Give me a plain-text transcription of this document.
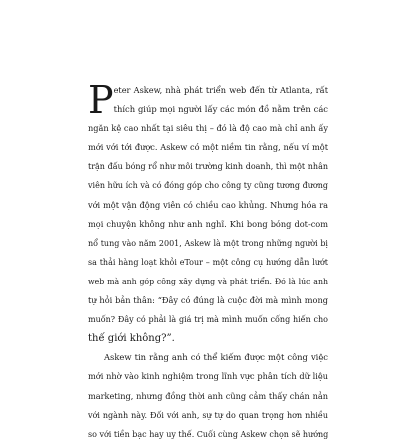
P eter Askew, nhà phát triển web đến từ Atlanta, rất
thích giúp mọi người lấy các món đồ nằm trên các
ngăn kệ cao nhất tại siêu thị – đó là độ cao mà chỉ anh ấy
mới với tới được. Askew có một niềm tin rằng, nếu ví một
trận đấu bóng rổ như môi trường kinh doanh, thì một nhân
viên hữu ích và có đóng góp cho công ty cũng tương đương
với một vận động viên có chiều cao khủng. Nhưng hóa ra
mọi chuyện không như anh nghĩ. Khi bong bóng dot-com
nổ tung vào năm 2001, Askew là một trong những người bị
sa thải hàng loạt khỏi eTour – một công cụ hướng dẫn lướt
web mà anh góp công xây dựng và phát triển. Đó là lúc anh
tự hỏi bản thân: “Đây có đúng là cuộc đời mà mình mong
muốn? Đây có phải là giá trị mà mình muốn cống hiến cho
thế giới không?”.
Askew tin rằng anh có thể kiếm được một công việc
mới nhờ vào kinh nghiệm trong lĩnh vực phân tích dữ liệu
marketing, nhưng đồng thời anh cũng cảm thấy chán nản
với ngành này. Đối với anh, sự tự do quan trọng hơn nhiều
so với tiền bạc hay uy thế. Cuối cùng Askew chọn sẽ hướng
